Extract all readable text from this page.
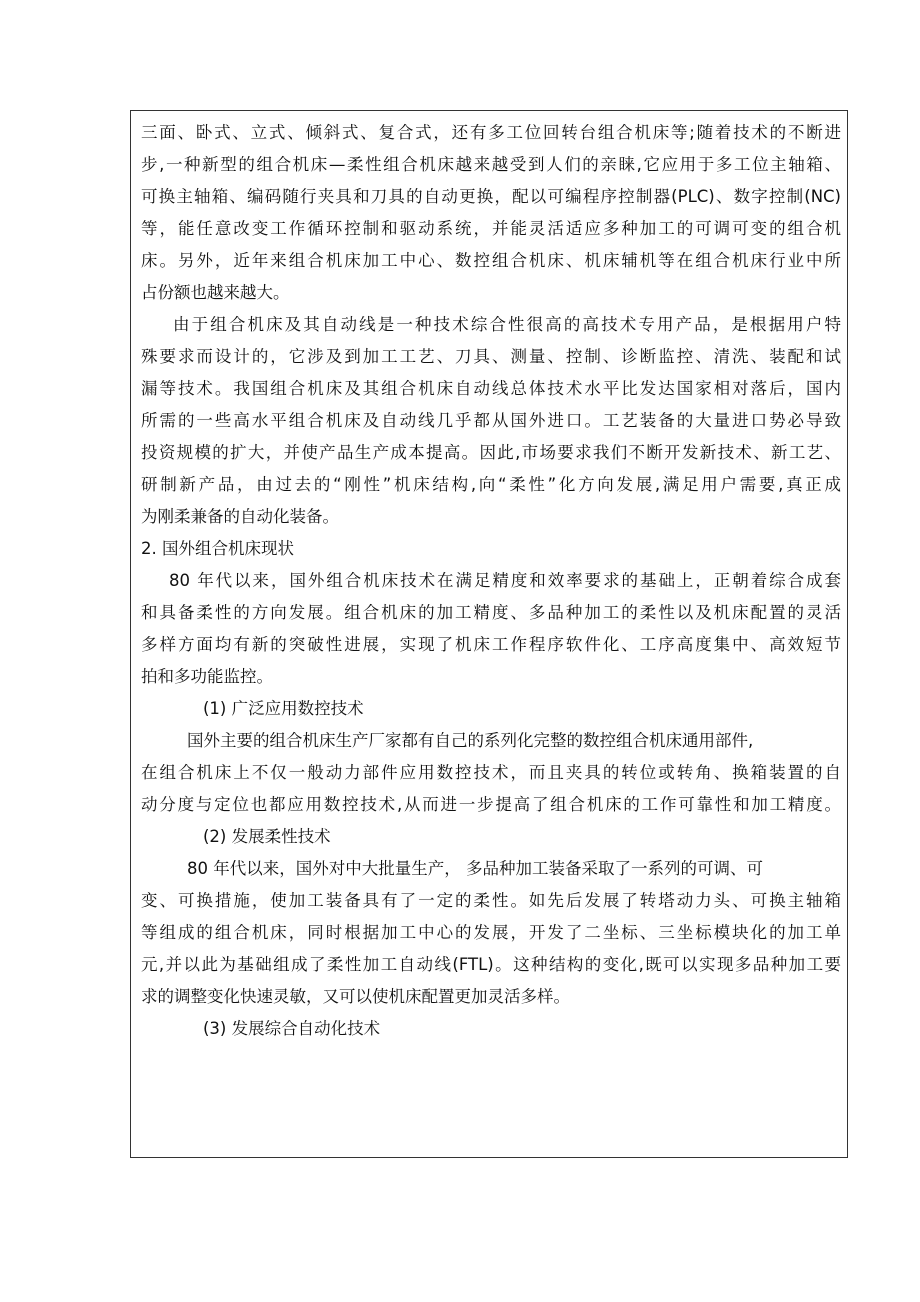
三面、卧式、立式、倾斜式、复合式，还有多工位回转台组合机床等;随着技术的不断进
步,一种新型的组合机床—柔性组合机床越来越受到人们的亲睐,它应用于多工位主轴箱、
可换主轴箱、编码随行夹具和刀具的自动更换，配以可编程序控制器(PLC)、数字控制(NC)
等，能任意改变工作循环控制和驱动系统，并能灵活适应多种加工的可调可变的组合机
床。另外，近年来组合机床加工中心、数控组合机床、机床辅机等在组合机床行业中所
占份额也越来越大。
由于组合机床及其自动线是一种技术综合性很高的高技术专用产品，是根据用户特
殊要求而设计的，它涉及到加工工艺、刀具、测量、控制、诊断监控、清洗、装配和试
漏等技术。我国组合机床及其组合机床自动线总体技术水平比发达国家相对落后，国内
所需的一些高水平组合机床及自动线几乎都从国外进口。工艺装备的大量进口势必导致
投资规模的扩大，并使产品生产成本提高。因此,市场要求我们不断开发新技术、新工艺、
研制新产品，由过去的“刚性”机床结构,向“柔性”化方向发展,满足用户需要,真正成
为刚柔兼备的自动化装备。
2. 国外组合机床现状
80 年代以来，国外组合机床技术在满足精度和效率要求的基础上，正朝着综合成套
和具备柔性的方向发展。组合机床的加工精度、多品种加工的柔性以及机床配置的灵活
多样方面均有新的突破性进展，实现了机床工作程序软件化、工序高度集中、高效短节
拍和多功能监控。
(1) 广泛应用数控技术
国外主要的组合机床生产厂家都有自己的系列化完整的数控组合机床通用部件,
在组合机床上不仅一般动力部件应用数控技术，而且夹具的转位或转角、换箱装置的自
动分度与定位也都应用数控技术,从而进一步提高了组合机床的工作可靠性和加工精度。
(2) 发展柔性技术
80 年代以来，国外对中大批量生产， 多品种加工装备采取了一系列的可调、可
变、可换措施，使加工装备具有了一定的柔性。如先后发展了转塔动力头、可换主轴箱
等组成的组合机床，同时根据加工中心的发展，开发了二坐标、三坐标模块化的加工单
元,并以此为基础组成了柔性加工自动线(FTL)。这种结构的变化,既可以实现多品种加工要
求的调整变化快速灵敏，又可以使机床配置更加灵活多样。
(3) 发展综合自动化技术
